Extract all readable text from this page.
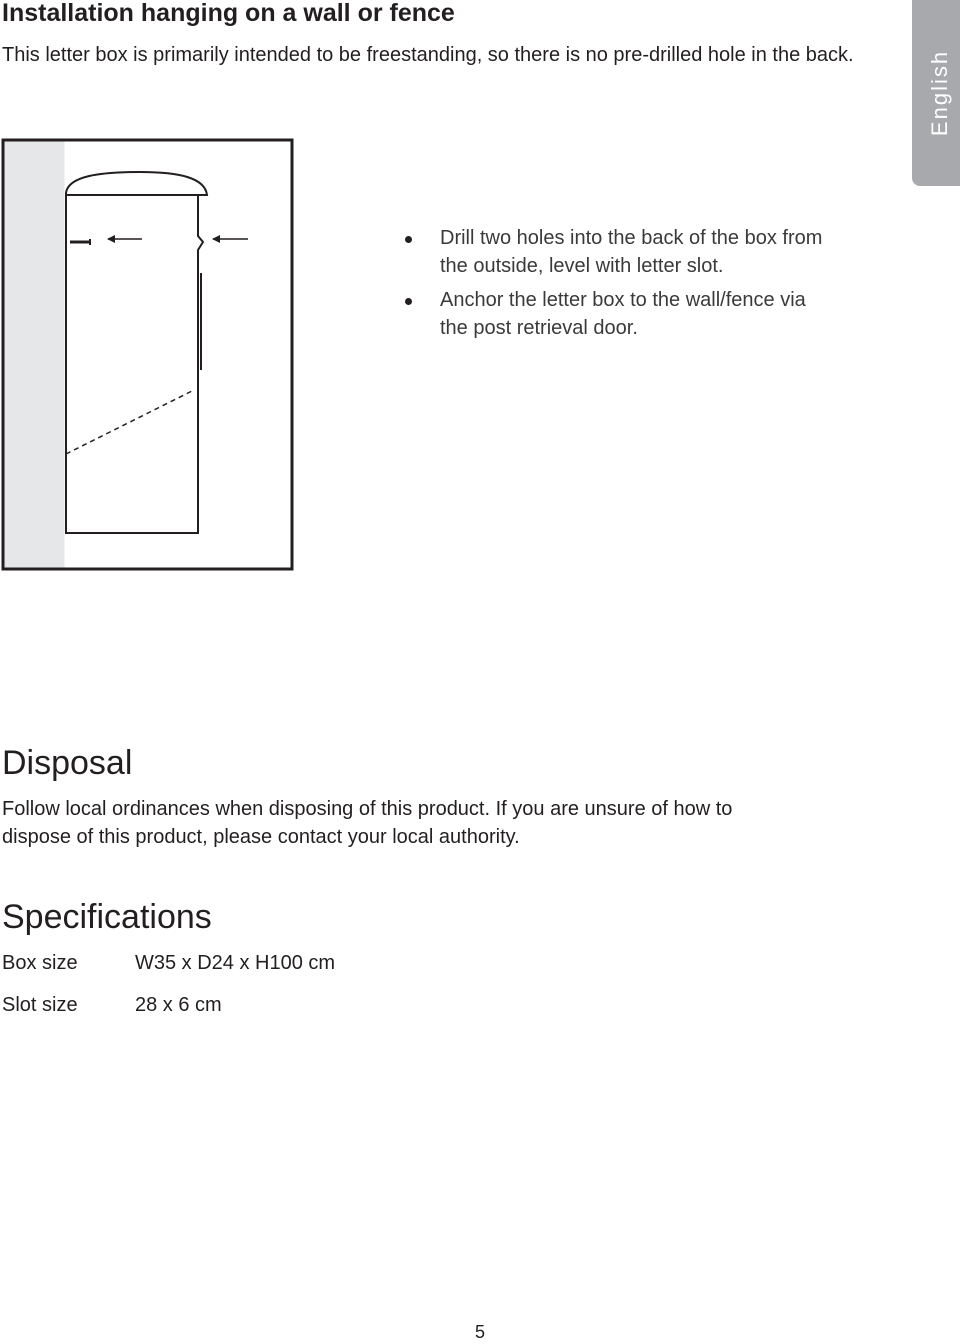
Installation hanging on a wall or fence

This letter box is primarily intended to be freestanding, so there is no pre-drilled hole in the back.	English
Drill two holes into the back of the box from the outside, level with letter slot.
Anchor the letter box to the wall/fence via the post retrieval door.
Disposal

Follow local ordinances when disposing of this product. If you are unsure of how to dispose of this product, please contact your local authority.

Specifications
Box size	W35 x D24 x H100 cm
Slot size	28 x 6 cm
5
